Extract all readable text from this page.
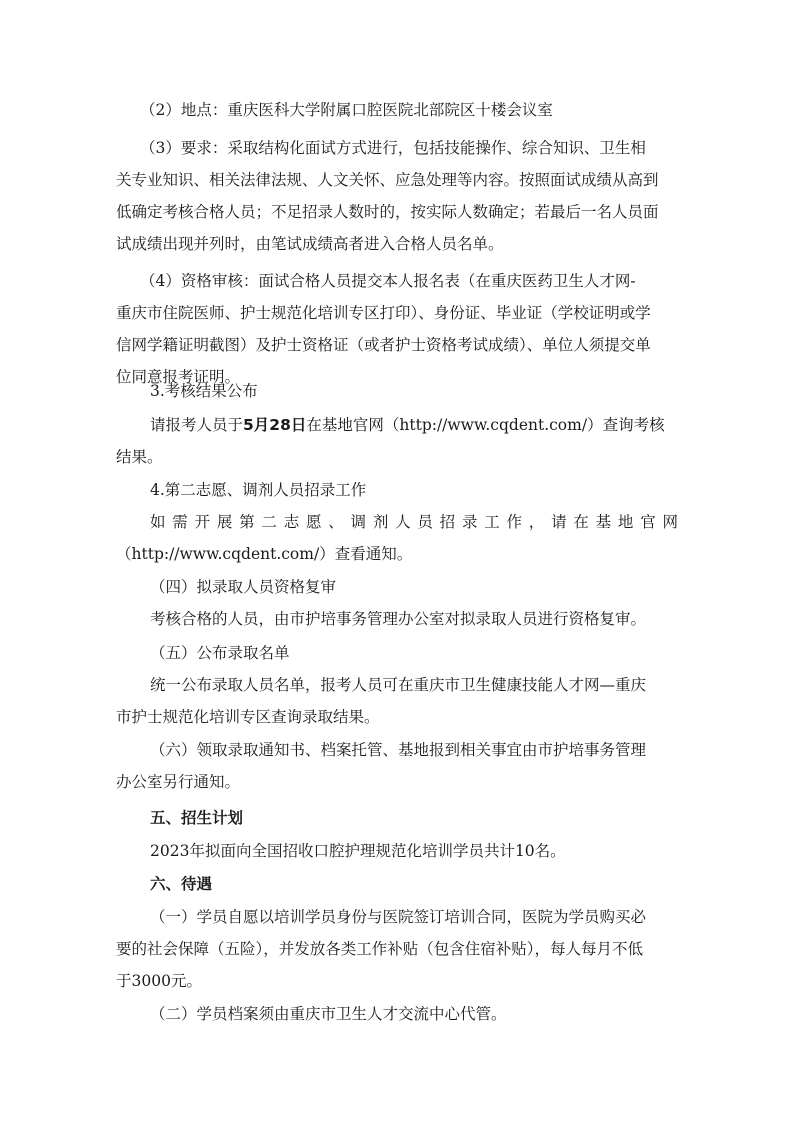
（2）地点：重庆医科大学附属口腔医院北部院区十楼会议室
（3）要求：采取结构化面试方式进行，包括技能操作、综合知识、卫生相
关专业知识、相关法律法规、人文关怀、应急处理等内容。按照面试成绩从高到
低确定考核合格人员；不足招录人数时的，按实际人数确定；若最后一名人员面
试成绩出现并列时，由笔试成绩高者进入合格人员名单。
（4）资格审核：面试合格人员提交本人报名表（在重庆医药卫生人才网-
重庆市住院医师、护士规范化培训专区打印）、身份证、毕业证（学校证明或学
信网学籍证明截图）及护士资格证（或者护士资格考试成绩）、单位人须提交单
位同意报考证明。
3.考核结果公布
请报考人员于5月28日在基地官网（http://www.cqdent.com/）查询考核
结果。
4.第二志愿、调剂人员招录工作
如需开展第二志愿、调剂人员招录工作，请在基地官网
（http://www.cqdent.com/）查看通知。
（四）拟录取人员资格复审
考核合格的人员，由市护培事务管理办公室对拟录取人员进行资格复审。
（五）公布录取名单
统一公布录取人员名单，报考人员可在重庆市卫生健康技能人才网—重庆
市护士规范化培训专区查询录取结果。
（六）领取录取通知书、档案托管、基地报到相关事宜由市护培事务管理
办公室另行通知。
五、招生计划
2023年拟面向全国招收口腔护理规范化培训学员共计10名。
六、待遇
（一）学员自愿以培训学员身份与医院签订培训合同，医院为学员购买必
要的社会保障（五险），并发放各类工作补贴（包含住宿补贴），每人每月不低
于3000元。
（二）学员档案须由重庆市卫生人才交流中心代管。
